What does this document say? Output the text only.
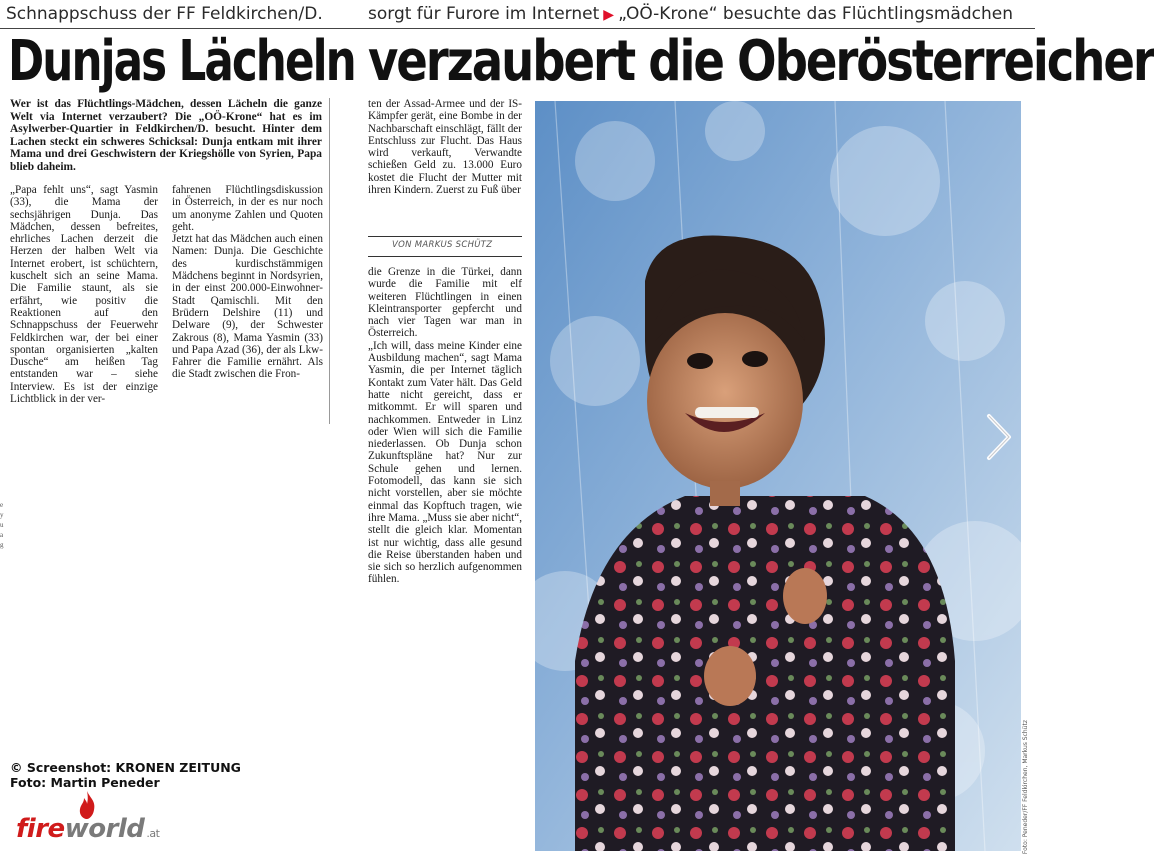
Schnappschuss der FF Feldkirchen/D.	sorgt für Furore im Internet ▶ „OÖ-Krone“ besuchte das Flüchtlingsmädchen
Dunjas Lächeln verzaubert die Oberösterreicher
Wer ist das Flüchtlings-Mädchen, dessen Lächeln die ganze Welt via Internet verzaubert? Die „OÖ-Krone“ hat es im Asylwerber-Quartier in Feldkirchen/D. besucht. Hinter dem Lachen steckt ein schweres Schicksal: Dunja entkam mit ihrer Mama und drei Geschwistern der Kriegshölle von Syrien, Papa blieb daheim.
„Papa fehlt uns“, sagt Yasmin (33), die Mama der sechsjährigen Dunja. Das Mädchen, dessen befreites, ehrliches Lachen derzeit die Herzen der halben Welt via Internet erobert, ist schüchtern, kuschelt sich an seine Mama. Die Familie staunt, als sie erfährt, wie positiv die Reaktionen auf den Schnappschuss der Feuerwehr Feldkirchen war, der bei einer spontan organisierten „kalten Dusche“ am heißen Tag entstanden war – siehe Interview. Es ist der einzige Lichtblick in der ver-
fahrenen Flüchtlingsdiskussion in Österreich, in der es nur noch um anonyme Zahlen und Quoten geht.
Jetzt hat das Mädchen auch einen Namen: Dunja. Die Geschichte des kurdischstämmigen Mädchens beginnt in Nordsyrien, in der einst 200.000-Einwohner-Stadt Qamischli. Mit den Brüdern Delshire (11) und Delware (9), der Schwester Zakrous (8), Mama Yasmin (33) und Papa Azad (36), der als Lkw-Fahrer die Familie ernährt. Als die Stadt zwischen die Fron-
ten der Assad-Armee und der IS-Kämpfer gerät, eine Bombe in der Nachbarschaft einschlägt, fällt der Entschluss zur Flucht. Das Haus wird verkauft, Verwandte schießen Geld zu. 13.000 Euro kostet die Flucht der Mutter mit ihren Kindern. Zuerst zu Fuß über
VON MARKUS SCHÜTZ
die Grenze in die Türkei, dann wurde die Familie mit elf weiteren Flüchtlingen in einen Kleintransporter gepfercht und nach vier Tagen war man in Österreich.
„Ich will, dass meine Kinder eine Ausbildung machen“, sagt Mama Yasmin, die per Internet täglich Kontakt zum Vater hält. Das Geld hatte nicht gereicht, dass er mitkommt. Er will sparen und nachkommen. Entweder in Linz oder Wien will sich die Familie niederlassen. Ob Dunja schon Zukunftspläne hat? Nur zur Schule gehen und lernen. Fotomodell, das kann sie sich nicht vorstellen, aber sie möchte einmal das Kopftuch tragen, wie ihre Mama. „Muss sie aber nicht“, stellt die gleich klar. Momentan ist nur wichtig, dass alle gesund die Reise überstanden haben und sie sich so herzlich aufgenommen fühlen.
e
y
u
a
g
Foto: Peneder/FF Feldkirchen, Markus Schütz
© Screenshot: KRONEN ZEITUNG
Foto: Martin Peneder
fireworld .at
